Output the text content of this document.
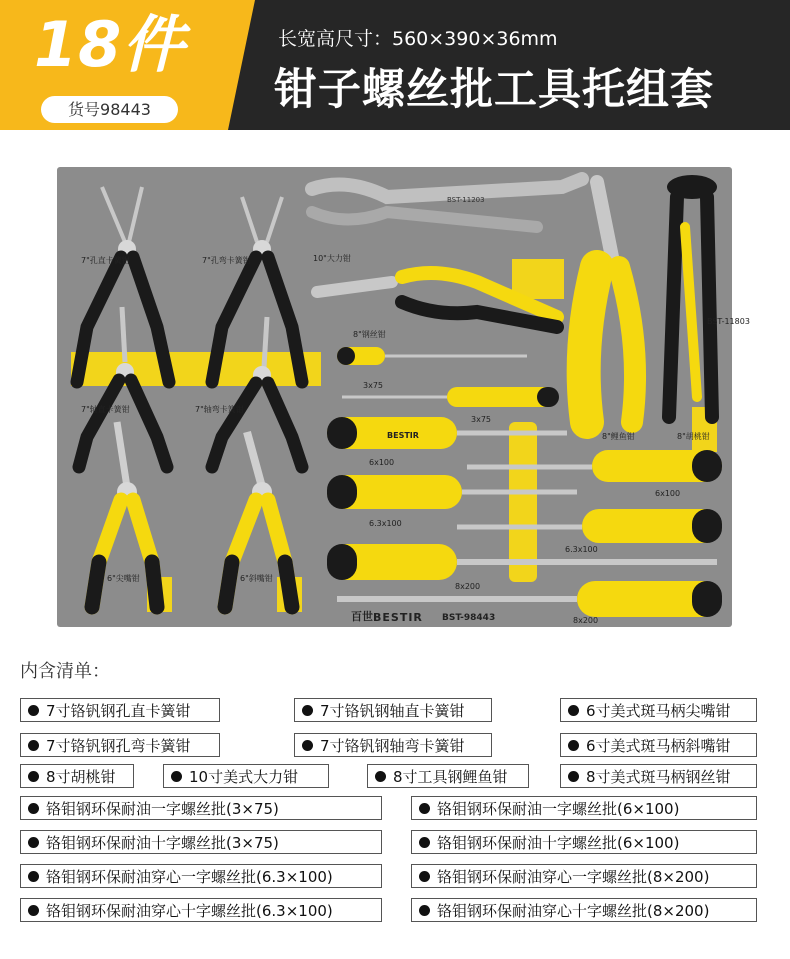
18件
货号98443
长宽高尺寸：560×390×36mm
钳子螺丝批工具托组套
BST-11203
7"孔直卡簧钳	7"孔弯卡簧钳
7"轴直卡簧钳	7"轴弯卡簧钳
6"尖嘴钳	6"斜嘴钳
10"大力钳
8"钢丝钳
8"鲤鱼钳	8"胡桃钳
3x75
3x75
6x100
6x100
6.3x100
6.3x100
8x200
8x200
BESTIR
BST-11803
百世 BESTIR BST-98443
内含清单：
7寸铬钒钢孔直卡簧钳	7寸铬钒钢轴直卡簧钳	6寸美式斑马柄尖嘴钳
7寸铬钒钢孔弯卡簧钳	7寸铬钒钢轴弯卡簧钳	6寸美式斑马柄斜嘴钳
8寸胡桃钳	10寸美式大力钳	8寸工具钢鲤鱼钳	8寸美式斑马柄钢丝钳
铬钼钢环保耐油一字螺丝批(3×75)	铬钼钢环保耐油一字螺丝批(6×100)
铬钼钢环保耐油十字螺丝批(3×75)	铬钼钢环保耐油十字螺丝批(6×100)
铬钼钢环保耐油穿心一字螺丝批(6.3×100)	铬钼钢环保耐油穿心一字螺丝批(8×200)
铬钼钢环保耐油穿心十字螺丝批(6.3×100)	铬钼钢环保耐油穿心十字螺丝批(8×200)
